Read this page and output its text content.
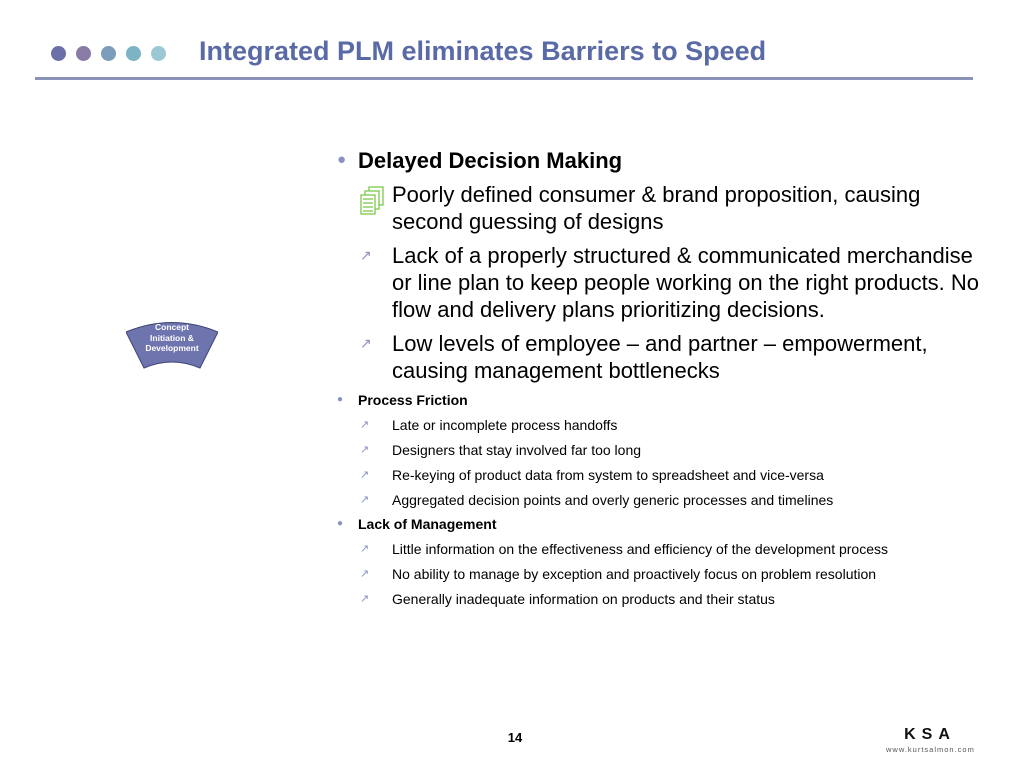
Integrated PLM eliminates Barriers to Speed
Concept
Initiation &
Development
● Delayed Decision Making
Poorly defined consumer & brand proposition, causing second guessing of designs
↗ Lack of a properly structured & communicated merchandise or line plan to keep people working on the right products. No flow and delivery plans prioritizing decisions.
↗ Low levels of employee – and partner – empowerment, causing management bottlenecks
●	Process Friction
↗	Late or incomplete process handoffs
↗	Designers that stay involved far too long
↗	Re-keying of product data from system to spreadsheet and vice-versa
↗	Aggregated decision points and overly generic processes and timelines
●	Lack of Management
↗	Little information on the effectiveness and efficiency of the development process
↗	No ability to manage by exception and proactively focus on problem resolution
↗	Generally inadequate information on products and their status
14	KSA
www.kurtsalmon.com
